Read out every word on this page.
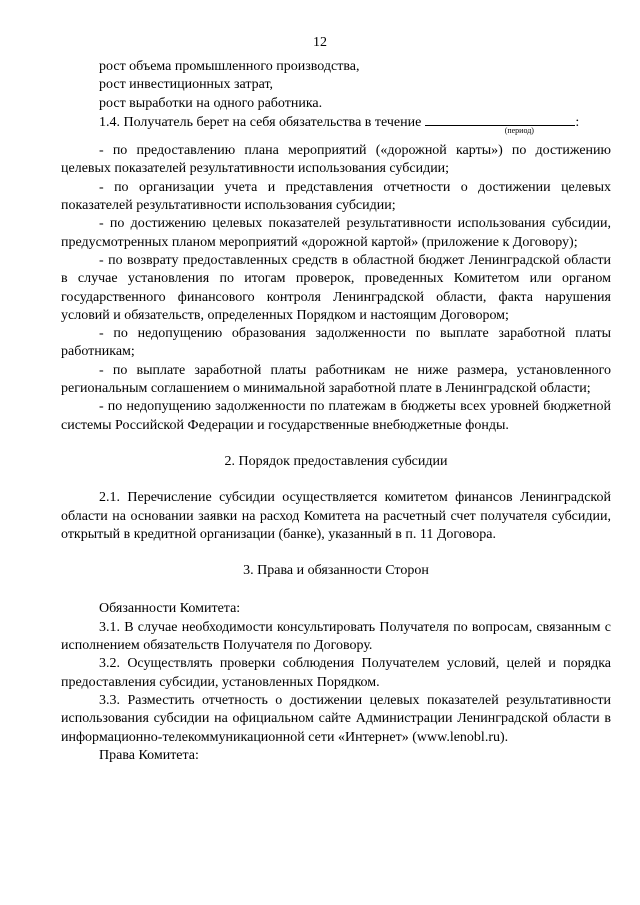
12

рост объема промышленного производства,

рост инвестиционных затрат,

рост выработки на одного работника.

1.4. Получатель берет на себя обязательства в течение
(период)
:

- по предоставлению плана мероприятий («дорожной карты») по достижению целевых показателей результативности использования субсидии;

- по организации учета и представления отчетности о достижении целевых показателей результативности использования субсидии;

- по достижению целевых показателей результативности использования субсидии, предусмотренных планом мероприятий «дорожной картой» (приложение к Договору);

- по возврату предоставленных средств в областной бюджет Ленинградской области в случае установления по итогам проверок, проведенных Комитетом или органом государственного финансового контроля Ленинградской области, факта нарушения условий и обязательств, определенных Порядком и настоящим Договором;

- по недопущению образования задолженности по выплате заработной платы работникам;

- по выплате заработной платы работникам не ниже размера, установленного региональным соглашением о минимальной заработной плате в Ленинградской области;

- по недопущению задолженности по платежам в бюджеты всех уровней бюджетной системы Российской Федерации и государственные внебюджетные фонды.

2. Порядок предоставления субсидии

2.1. Перечисление субсидии осуществляется комитетом финансов Ленинградской области на основании заявки на расход Комитета на расчетный счет получателя субсидии, открытый в кредитной организации (банке), указанный в п. 11 Договора.

3. Права и обязанности Сторон

Обязанности Комитета:

3.1. В случае необходимости консультировать Получателя по вопросам, связанным с исполнением обязательств Получателя по Договору.

3.2. Осуществлять проверки соблюдения Получателем условий, целей и порядка предоставления субсидии, установленных Порядком.

3.3. Разместить отчетность о достижении целевых показателей результативности использования субсидии на официальном сайте Администрации Ленинградской области в информационно-телекоммуникационной сети «Интернет» (www.lenobl.ru).

Права Комитета:
